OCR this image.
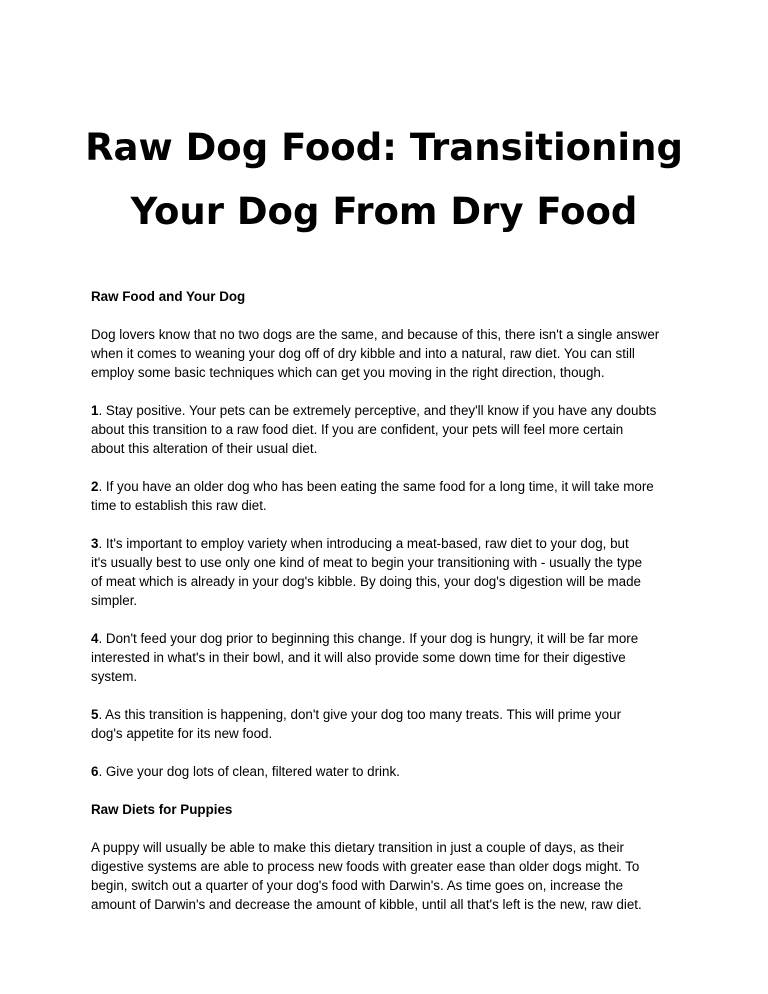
Raw Dog Food: Transitioning
Your Dog From Dry Food
Raw Food and Your Dog
Dog lovers know that no two dogs are the same, and because of this, there isn't a single answer
when it comes to weaning your dog off of dry kibble and into a natural, raw diet. You can still
employ some basic techniques which can get you moving in the right direction, though.
1. Stay positive. Your pets can be extremely perceptive, and they'll know if you have any doubts
about this transition to a raw food diet. If you are confident, your pets will feel more certain
about this alteration of their usual diet.
2. If you have an older dog who has been eating the same food for a long time, it will take more
time to establish this raw diet.
3. It's important to employ variety when introducing a meat-based, raw diet to your dog, but
it's usually best to use only one kind of meat to begin your transitioning with - usually the type
of meat which is already in your dog's kibble. By doing this, your dog's digestion will be made
simpler.
4. Don't feed your dog prior to beginning this change. If your dog is hungry, it will be far more
interested in what's in their bowl, and it will also provide some down time for their digestive
system.
5. As this transition is happening, don't give your dog too many treats. This will prime your
dog's appetite for its new food.
6. Give your dog lots of clean, filtered water to drink.
Raw Diets for Puppies
A puppy will usually be able to make this dietary transition in just a couple of days, as their
digestive systems are able to process new foods with greater ease than older dogs might. To
begin, switch out a quarter of your dog's food with Darwin's. As time goes on, increase the
amount of Darwin's and decrease the amount of kibble, until all that's left is the new, raw diet.
